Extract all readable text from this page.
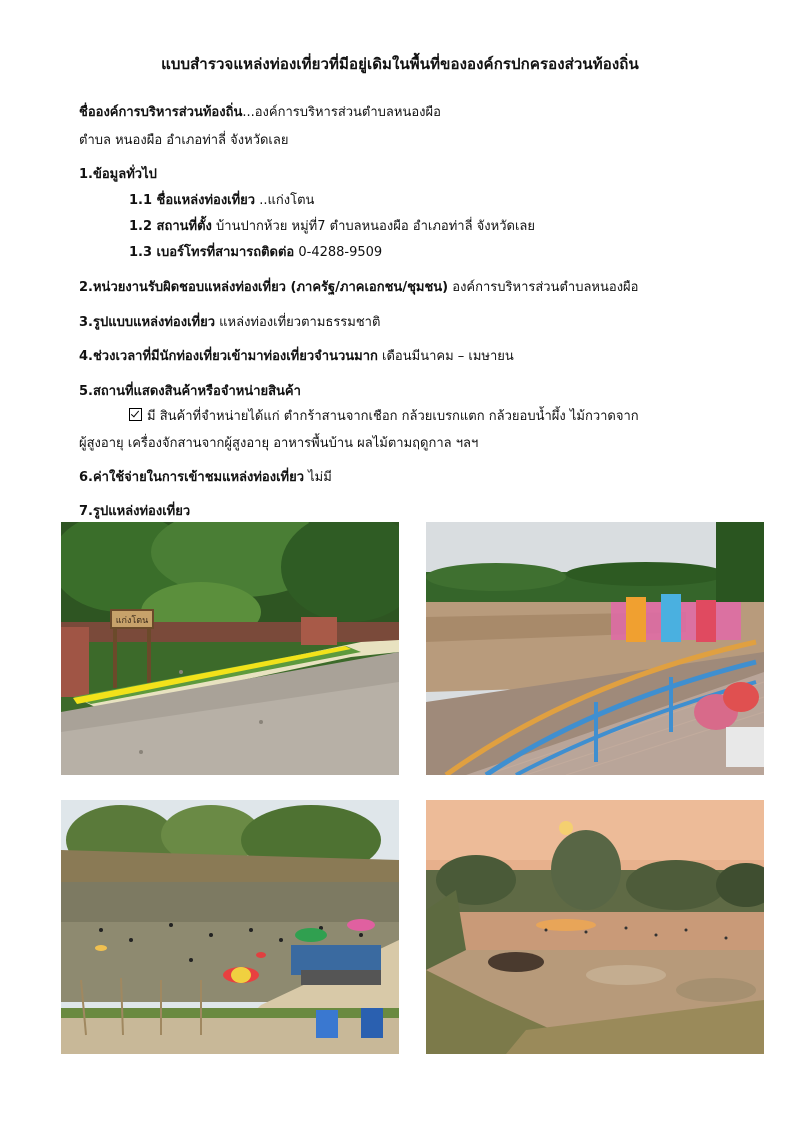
แบบสำรวจแหล่งท่องเที่ยวที่มีอยู่เดิมในพื้นที่ขององค์กรปกครองส่วนท้องถิ่น
ชื่อองค์การบริหารส่วนท้องถิ่น...องค์การบริหารส่วนตำบลหนองผือ
ตำบล หนองผือ อำเภอท่าลี่ จังหวัดเลย
1.ข้อมูลทั่วไป
1.1 ชื่อแหล่งท่องเที่ยว ..แก่งโตน
1.2 สถานที่ตั้ง บ้านปากห้วย หมู่ที่7 ตำบลหนองผือ อำเภอท่าลี่ จังหวัดเลย
1.3 เบอร์โทรที่สามารถติดต่อ 0-4288-9509
2.หน่วยงานรับผิดชอบแหล่งท่องเที่ยว (ภาครัฐ/ภาคเอกชน/ชุมชน) องค์การบริหารส่วนตำบลหนองผือ
3.รูปแบบแหล่งท่องเที่ยว แหล่งท่องเที่ยวตามธรรมชาติ
4.ช่วงเวลาที่มีนักท่องเที่ยวเข้ามาท่องเที่ยวจำนวนมาก เดือนมีนาคม – เมษายน
5.สถานที่แสดงสินค้าหรือจำหน่ายสินค้า
มี สินค้าที่จำหน่ายได้แก่ ตำกร้าสานจากเชือก กล้วยเบรกแตก กล้วยอบน้ำผึ้ง ไม้กวาดจาก
ผู้สูงอายุ เครื่องจักสานจากผู้สูงอายุ อาหารพื้นบ้าน ผลไม้ตามฤดูกาล ฯลฯ
6.ค่าใช้จ่ายในการเข้าชมแหล่งท่องเที่ยว ไม่มี
7.รูปแหล่งท่องเที่ยว
แก่งโตน
